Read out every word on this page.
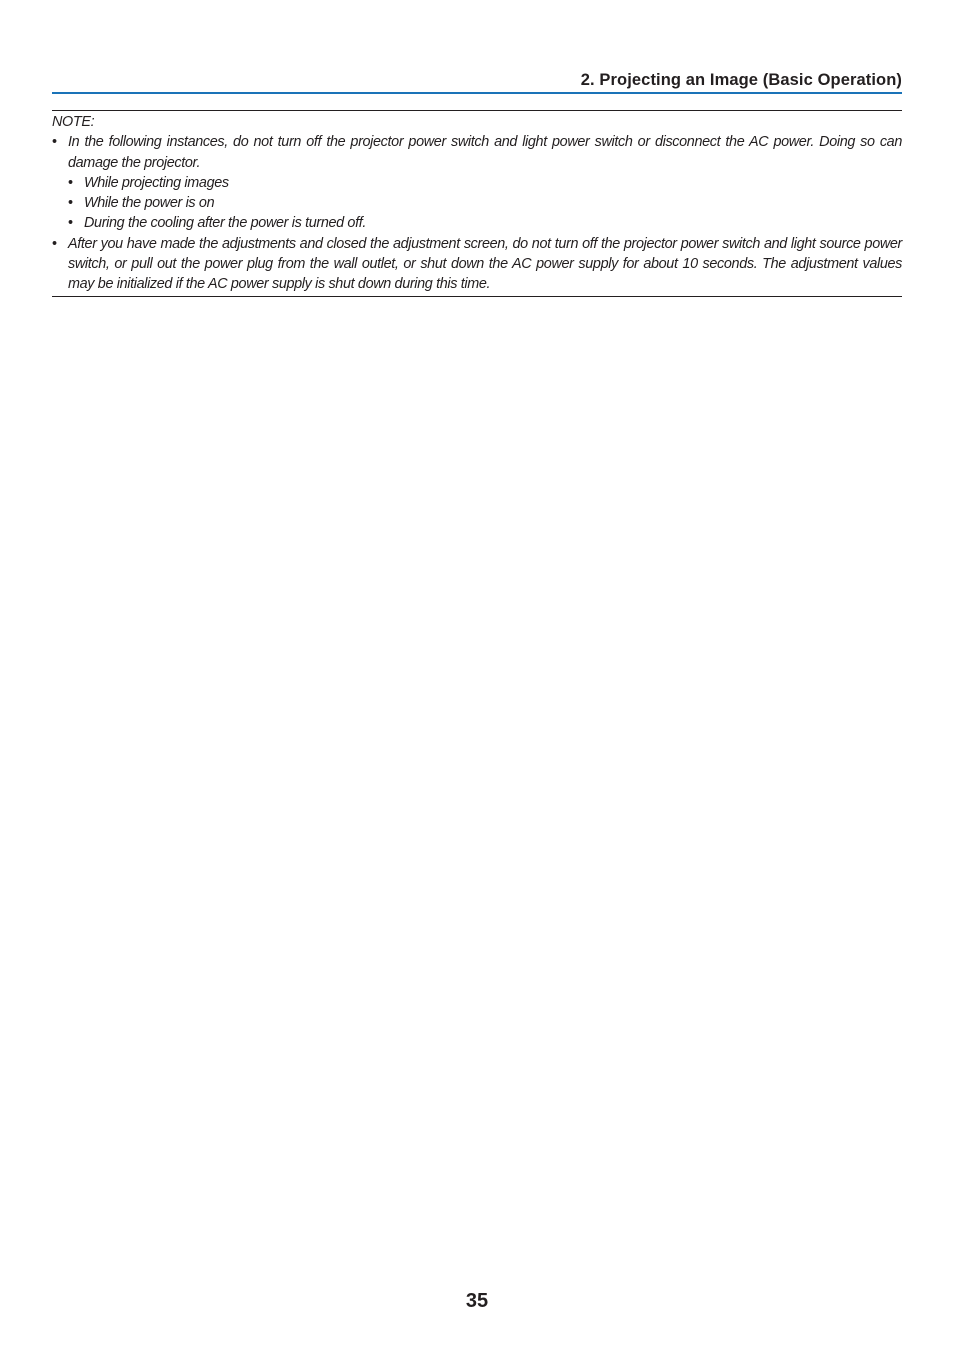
2. Projecting an Image (Basic Operation)
NOTE:
• In the following instances, do not turn off the projector power switch and light power switch or disconnect the AC power. Doing so can damage the projector.
• While projecting images
• While the power is on
• During the cooling after the power is turned off.
• After you have made the adjustments and closed the adjustment screen, do not turn off the projector power switch and light source power switch, or pull out the power plug from the wall outlet, or shut down the AC power supply for about 10 seconds. The adjustment values may be initialized if the AC power supply is shut down during this time.
35
